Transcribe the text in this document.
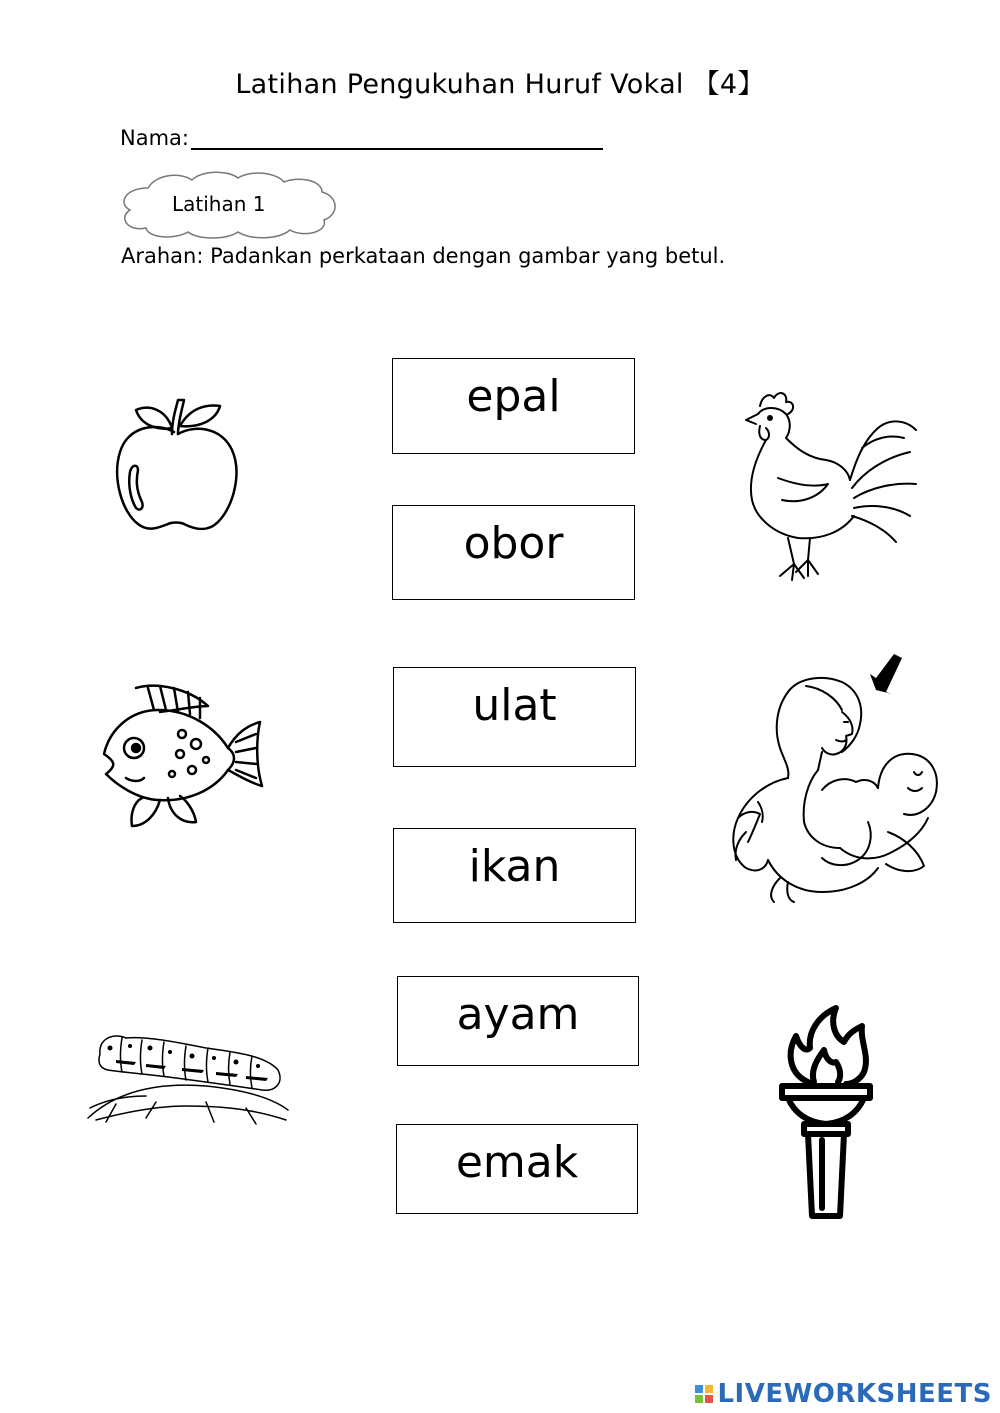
Latihan Pengukuhan Huruf Vokal 【4】
Nama:
Latihan 1
Arahan: Padankan perkataan dengan gambar yang betul.
epal
obor
ulat
ikan
ayam
emak
LIVEWORKSHEETS
